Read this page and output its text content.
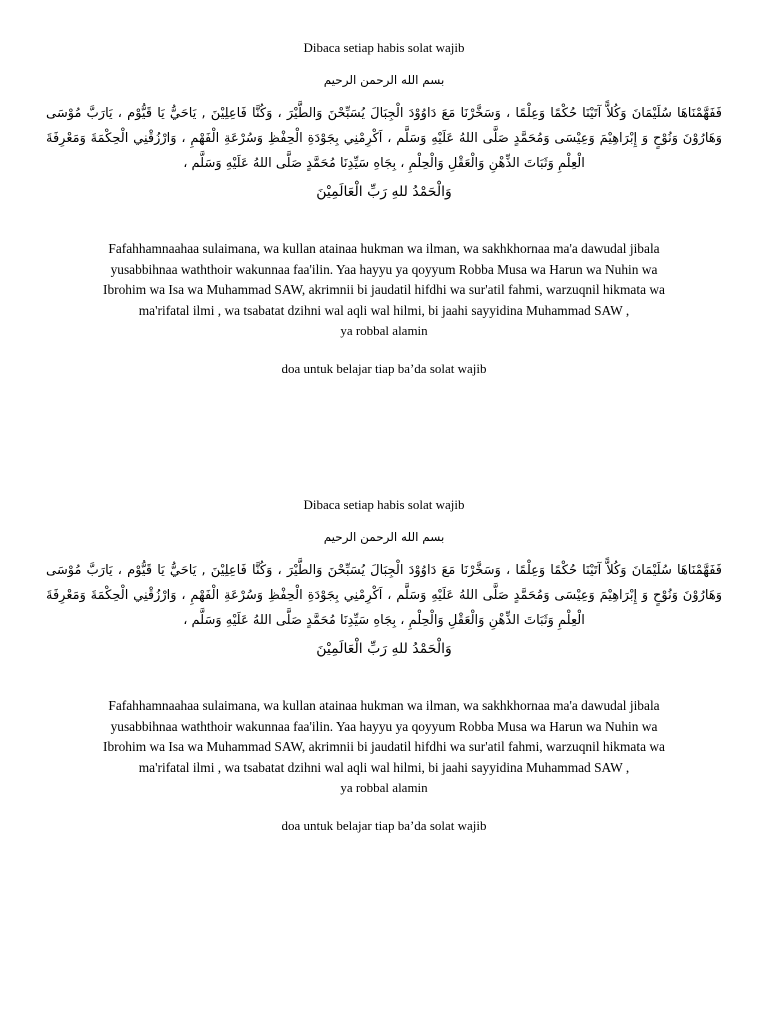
Dibaca setiap habis solat wajib

بسم الله الرحمن الرحيم

فَفَهَّمْنَاهَا سُلَيْمَانَ وَكُلاًّ آتَيْنَا حُكْمًا وَعِلْمًا ، وَسَخَّرْنَا مَعَ دَاوُوْدَ الْجِبَالَ يُسَبِّحْنَ وَالطَّيْرَ ، وَكُنَّا فَاعِلِيْنَ , يَاحَيُّ يَا قَيُّوْم ، يَارَبَّ مُوْسَى وَهَارُوْنَ وَنُوْحٍ وَ إِبْرَاهِيْمَ وَعِيْسَى وَمُحَمَّدٍ صَلَّى اللهُ عَلَيْهِ وَسَلَّم ، اَكْرِمْنِي بِجَوْدَةِ الْحِفْظِ وَسُرْعَةِ الْفَهْمِ ، وَارْزُقْنِي الْحِكْمَةَ وَمَعْرِفَةَ الْعِلْمِ وَثَبَاتَ الذِّهْنِ وَالْعَقْلِ وَالْحِلْمِ ، بِجَاهِ سَيِّدِنَا مُحَمَّدٍ صَلَّى اللهُ عَلَيْهِ وَسَلَّم ،

وَالْحَمْدُ للهِ رَبِّ الْعَالَمِيْنَ

Fafahhamnaahaa sulaimana, wa kullan atainaa hukman wa ilman, wa sakhkhornaa ma'a dawudal jibala
yusabbihnaa waththoir wakunnaa faa'ilin. Yaa hayyu ya qoyyum Robba Musa wa Harun wa Nuhin wa
Ibrohim wa Isa wa Muhammad SAW, akrimnii bi jaudatil hifdhi wa sur'atil fahmi, warzuqnil hikmata wa
ma'rifatal ilmi , wa tsabatat dzihni wal aqli wal hilmi, bi jaahi sayyidina Muhammad SAW ,

ya robbal alamin

doa untuk belajar tiap ba’da solat wajib

Dibaca setiap habis solat wajib

بسم الله الرحمن الرحيم

فَفَهَّمْنَاهَا سُلَيْمَانَ وَكُلاًّ آتَيْنَا حُكْمًا وَعِلْمًا ، وَسَخَّرْنَا مَعَ دَاوُوْدَ الْجِبَالَ يُسَبِّحْنَ وَالطَّيْرَ ، وَكُنَّا فَاعِلِيْنَ , يَاحَيُّ يَا قَيُّوْم ، يَارَبَّ مُوْسَى وَهَارُوْنَ وَنُوْحٍ وَ إِبْرَاهِيْمَ وَعِيْسَى وَمُحَمَّدٍ صَلَّى اللهُ عَلَيْهِ وَسَلَّم ، اَكْرِمْنِي بِجَوْدَةِ الْحِفْظِ وَسُرْعَةِ الْفَهْمِ ، وَارْزُقْنِي الْحِكْمَةَ وَمَعْرِفَةَ الْعِلْمِ وَثَبَاتَ الذِّهْنِ وَالْعَقْلِ وَالْحِلْمِ ، بِجَاهِ سَيِّدِنَا مُحَمَّدٍ صَلَّى اللهُ عَلَيْهِ وَسَلَّم ،

وَالْحَمْدُ للهِ رَبِّ الْعَالَمِيْنَ

Fafahhamnaahaa sulaimana, wa kullan atainaa hukman wa ilman, wa sakhkhornaa ma'a dawudal jibala
yusabbihnaa waththoir wakunnaa faa'ilin. Yaa hayyu ya qoyyum Robba Musa wa Harun wa Nuhin wa
Ibrohim wa Isa wa Muhammad SAW, akrimnii bi jaudatil hifdhi wa sur'atil fahmi, warzuqnil hikmata wa
ma'rifatal ilmi , wa tsabatat dzihni wal aqli wal hilmi, bi jaahi sayyidina Muhammad SAW ,

ya robbal alamin

doa untuk belajar tiap ba’da solat wajib
